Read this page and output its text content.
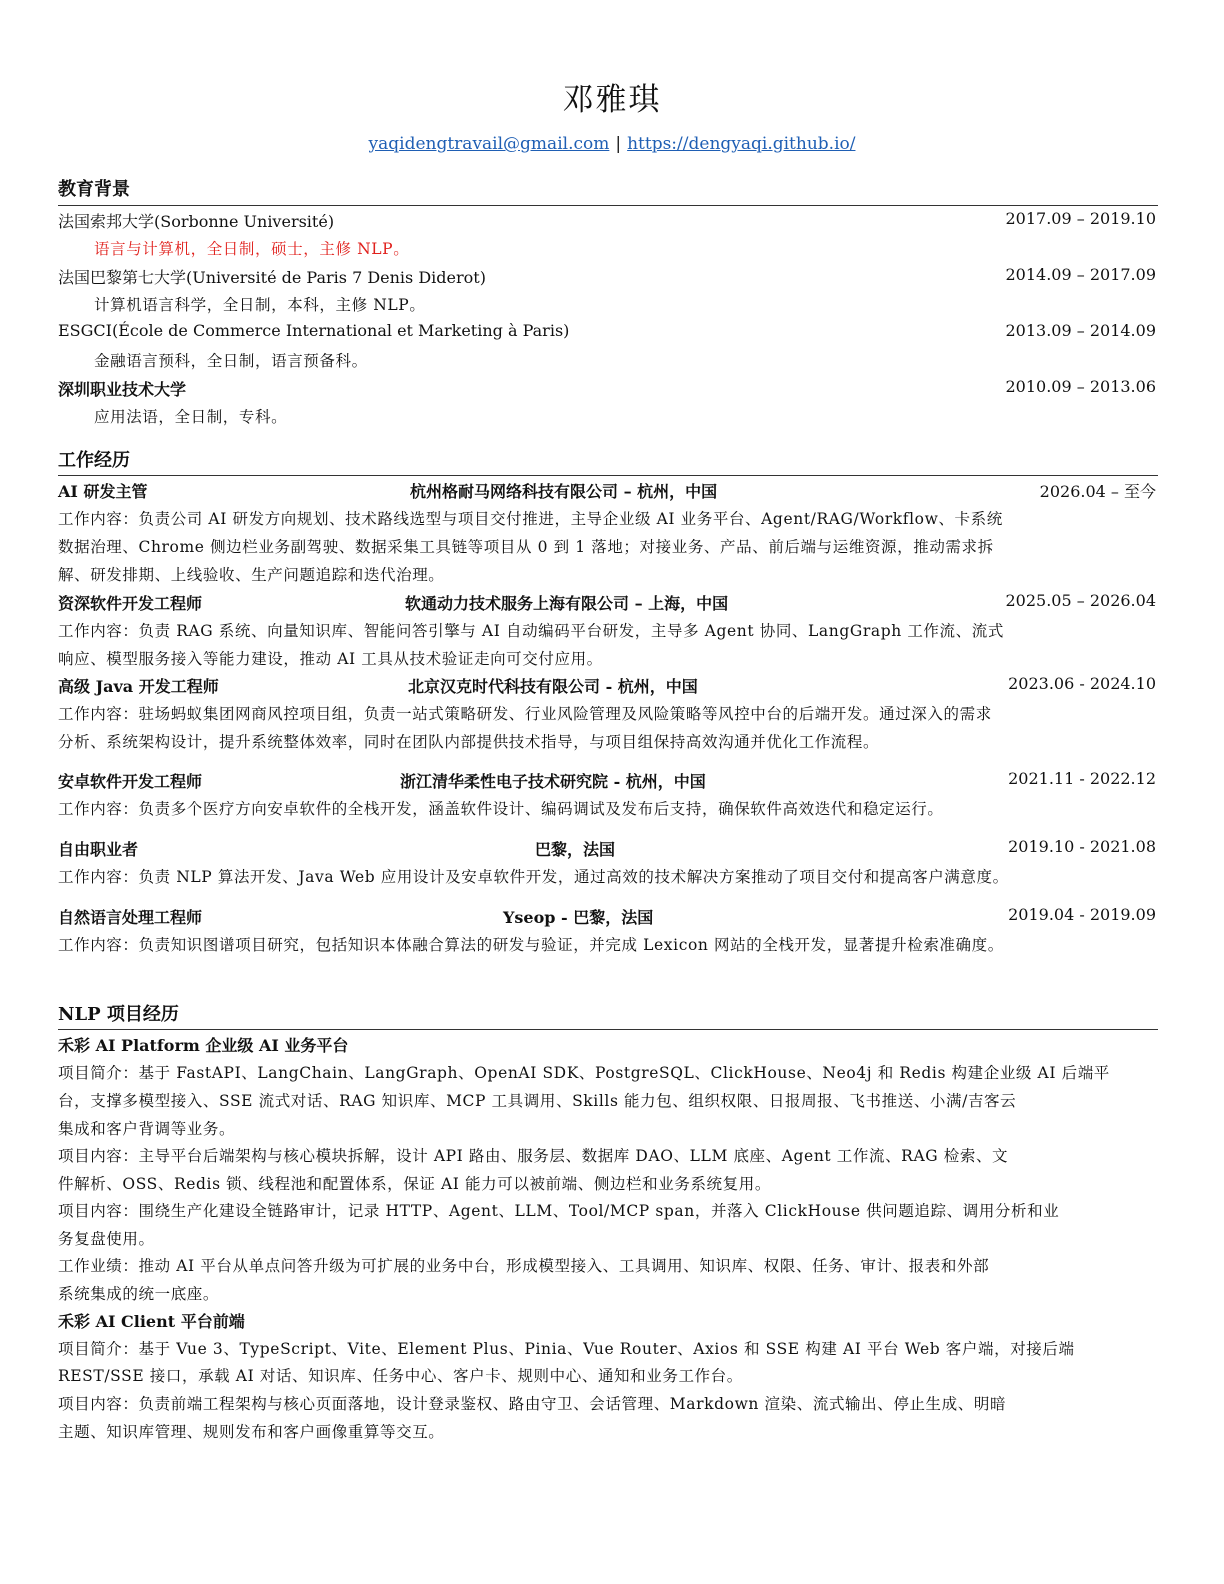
邓雅琪
yaqidengtravail@gmail.com | https://dengyaqi.github.io/
教育背景
法国索邦大学(Sorbonne Université)	2017.09 – 2019.10
语言与计算机，全日制，硕士，主修 NLP。
法国巴黎第七大学(Université de Paris 7 Denis Diderot)	2014.09 – 2017.09
计算机语言科学，全日制，本科，主修 NLP。
ESGCI(École de Commerce International et Marketing à Paris)	2013.09 – 2014.09
金融语言预科，全日制，语言预备科。
深圳职业技术大学	2010.09 – 2013.06
应用法语，全日制，专科。
工作经历
AI 研发主管	杭州格耐马网络科技有限公司 – 杭州，中国	2026.04 – 至今
工作内容：负责公司 AI 研发方向规划、技术路线选型与项目交付推进，主导企业级 AI 业务平台、Agent/RAG/Workflow、卡系统
数据治理、Chrome 侧边栏业务副驾驶、数据采集工具链等项目从 0 到 1 落地；对接业务、产品、前后端与运维资源，推动需求拆
解、研发排期、上线验收、生产问题追踪和迭代治理。
资深软件开发工程师	软通动力技术服务上海有限公司 – 上海，中国	2025.05 – 2026.04
工作内容：负责 RAG 系统、向量知识库、智能问答引擎与 AI 自动编码平台研发，主导多 Agent 协同、LangGraph 工作流、流式
响应、模型服务接入等能力建设，推动 AI 工具从技术验证走向可交付应用。
高级 Java 开发工程师	北京汉克时代科技有限公司 - 杭州，中国	2023.06 - 2024.10
工作内容：驻场蚂蚁集团网商风控项目组，负责一站式策略研发、行业风险管理及风险策略等风控中台的后端开发。通过深入的需求
分析、系统架构设计，提升系统整体效率，同时在团队内部提供技术指导，与项目组保持高效沟通并优化工作流程。
安卓软件开发工程师	浙江清华柔性电子技术研究院 - 杭州，中国	2021.11 - 2022.12
工作内容：负责多个医疗方向安卓软件的全栈开发，涵盖软件设计、编码调试及发布后支持，确保软件高效迭代和稳定运行。
自由职业者	巴黎，法国	2019.10 - 2021.08
工作内容：负责 NLP 算法开发、Java Web 应用设计及安卓软件开发，通过高效的技术解决方案推动了项目交付和提高客户满意度。
自然语言处理工程师	Yseop - 巴黎，法国	2019.04 - 2019.09
工作内容：负责知识图谱项目研究，包括知识本体融合算法的研发与验证，并完成 Lexicon 网站的全栈开发，显著提升检索准确度。
NLP 项目经历
禾彩 AI Platform 企业级 AI 业务平台
项目简介：基于 FastAPI、LangChain、LangGraph、OpenAI SDK、PostgreSQL、ClickHouse、Neo4j 和 Redis 构建企业级 AI 后端平
台，支撑多模型接入、SSE 流式对话、RAG 知识库、MCP 工具调用、Skills 能力包、组织权限、日报周报、飞书推送、小满/吉客云
集成和客户背调等业务。
项目内容：主导平台后端架构与核心模块拆解，设计 API 路由、服务层、数据库 DAO、LLM 底座、Agent 工作流、RAG 检索、文
件解析、OSS、Redis 锁、线程池和配置体系，保证 AI 能力可以被前端、侧边栏和业务系统复用。
项目内容：围绕生产化建设全链路审计，记录 HTTP、Agent、LLM、Tool/MCP span，并落入 ClickHouse 供问题追踪、调用分析和业
务复盘使用。
工作业绩：推动 AI 平台从单点问答升级为可扩展的业务中台，形成模型接入、工具调用、知识库、权限、任务、审计、报表和外部
系统集成的统一底座。
禾彩 AI Client 平台前端
项目简介：基于 Vue 3、TypeScript、Vite、Element Plus、Pinia、Vue Router、Axios 和 SSE 构建 AI 平台 Web 客户端，对接后端
REST/SSE 接口，承载 AI 对话、知识库、任务中心、客户卡、规则中心、通知和业务工作台。
项目内容：负责前端工程架构与核心页面落地，设计登录鉴权、路由守卫、会话管理、Markdown 渲染、流式输出、停止生成、明暗
主题、知识库管理、规则发布和客户画像重算等交互。
